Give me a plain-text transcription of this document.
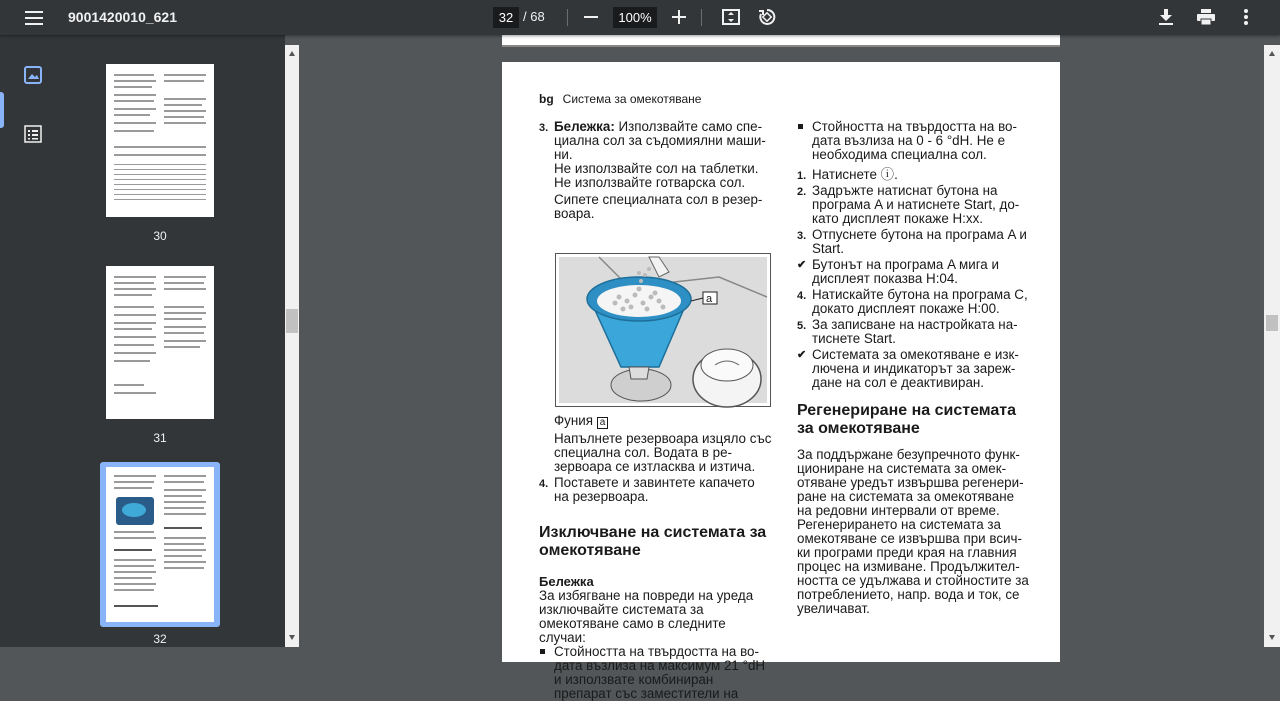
9001420010_621	32 / 68	100%
30
31
32
bg Система за омекотяване
3. Бележка: Използвайте само спе-циална сол за съдомиялни маши-ни.

Не използвайте сол на таблетки.

Не използвайте готварска сол.

Сипете специалната сол в резер-воара.

a

Фуния a

Напълнете резервоара изцяло със специална сол. Водата в ре-зервоара се изтласква и изтича.

4. Поставете и завинтете капачето на резервоара.

Изключване на системата за омекотяване

Бележка

За избягване на повреди на уреда изключвайте системата за омекотяване само в следните случаи:

Стойността на твърдостта на во-дата възлиза на максимум 21 °dH и използвате комбиниран препарат със заместители на

Стойността на твърдостта на во-дата възлиза на 0 - 6 °dH. Не е необходима специална сол.

1. Натиснете ⓘ.

2. Задръжте натиснат бутона на програма A и натиснете Start, до-като дисплеят покаже H:xx.

3. Отпуснете бутона на програма A и Start.

✔ Бутонът на програма A мига и дисплеят показва H:04.

4. Натискайте бутона на програма C, докато дисплеят покаже H:00.

5. За записване на настройката на-тиснете Start.

✔ Системата за омекотяване е изк-лючена и индикаторът за зареж-дане на сол е деактивиран.

Регенериране на системата за омекотяване

За поддържане безупречното функ-циониране на системата за омек-отяване уредът извършва регенери-ране на системата за омекотяване на редовни интервали от време. Регенерирането на системата за омекотяване се извършва при всич-ки програми преди края на главния процес на измиване. Продължител-ността се удължава и стойностите за потреблението, напр. вода и ток, се увеличават.
